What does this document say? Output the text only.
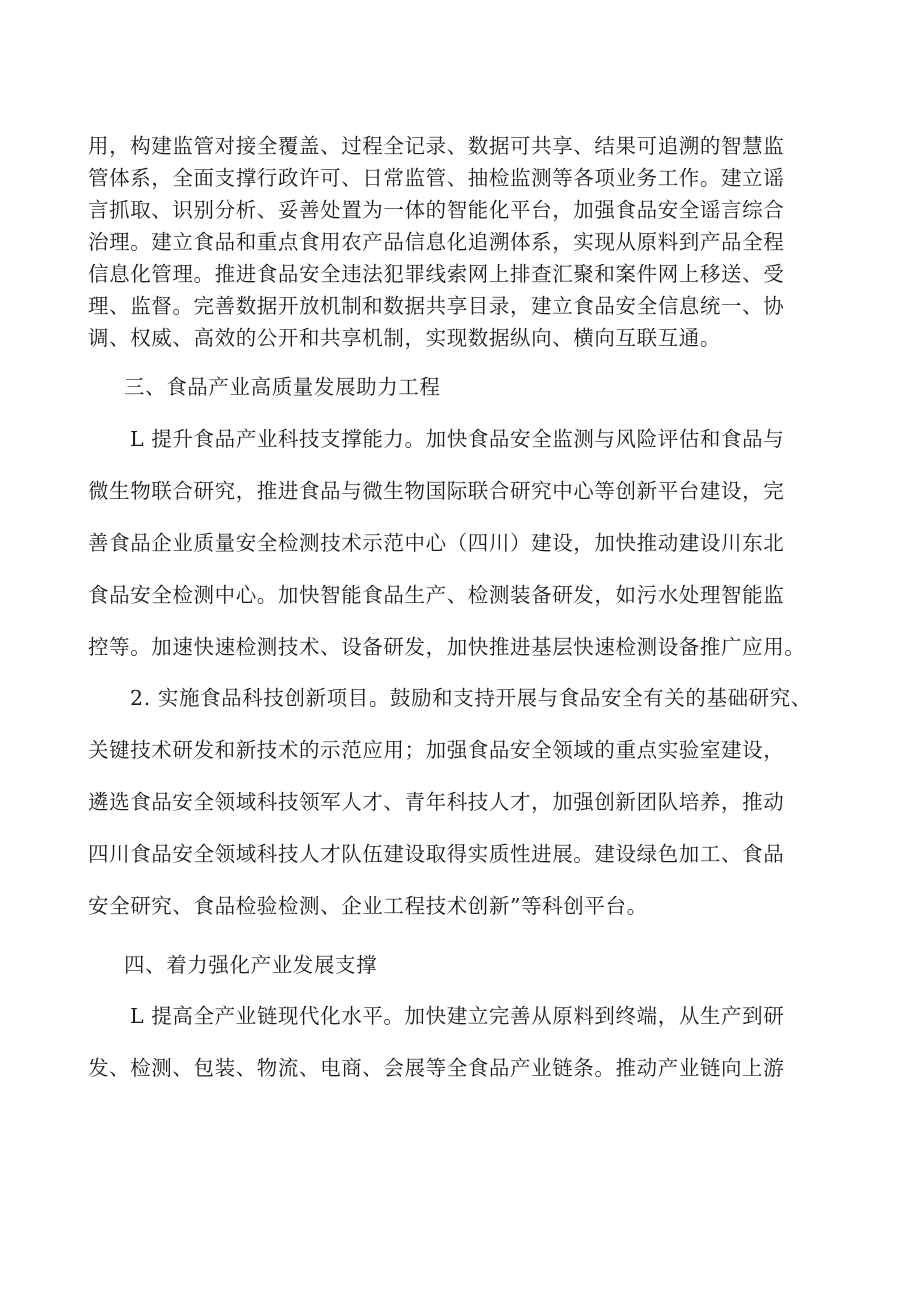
用，构建监管对接全覆盖、过程全记录、数据可共享、结果可追溯的智慧监
管体系，全面支撑行政许可、日常监管、抽检监测等各项业务工作。建立谣
言抓取、识别分析、妥善处置为一体的智能化平台，加强食品安全谣言综合
治理。建立食品和重点食用农产品信息化追溯体系，实现从原料到产品全程
信息化管理。推进食品安全违法犯罪线索网上排查汇聚和案件网上移送、受
理、监督。完善数据开放机制和数据共享目录，建立食品安全信息统一、协
调、权威、高效的公开和共享机制，实现数据纵向、横向互联互通。
三、食品产业高质量发展助力工程
L 提升食品产业科技支撑能力。加快食品安全监测与风险评估和食品与
微生物联合研究，推进食品与微生物国际联合研究中心等创新平台建设，完
善食品企业质量安全检测技术示范中心（四川）建设，加快推动建设川东北
食品安全检测中心。加快智能食品生产、检测装备研发，如污水处理智能监
控等。加速快速检测技术、设备研发，加快推进基层快速检测设备推广应用。
2. 实施食品科技创新项目。鼓励和支持开展与食品安全有关的基础研究、
关键技术研发和新技术的示范应用；加强食品安全领域的重点实验室建设，
遴选食品安全领域科技领军人才、青年科技人才，加强创新团队培养，推动
四川食品安全领域科技人才队伍建设取得实质性进展。建设绿色加工、食品
安全研究、食品检验检测、企业工程技术创新”等科创平台。
四、着力强化产业发展支撑
L 提高全产业链现代化水平。加快建立完善从原料到终端，从生产到研
发、检测、包装、物流、电商、会展等全食品产业链条。推动产业链向上游
